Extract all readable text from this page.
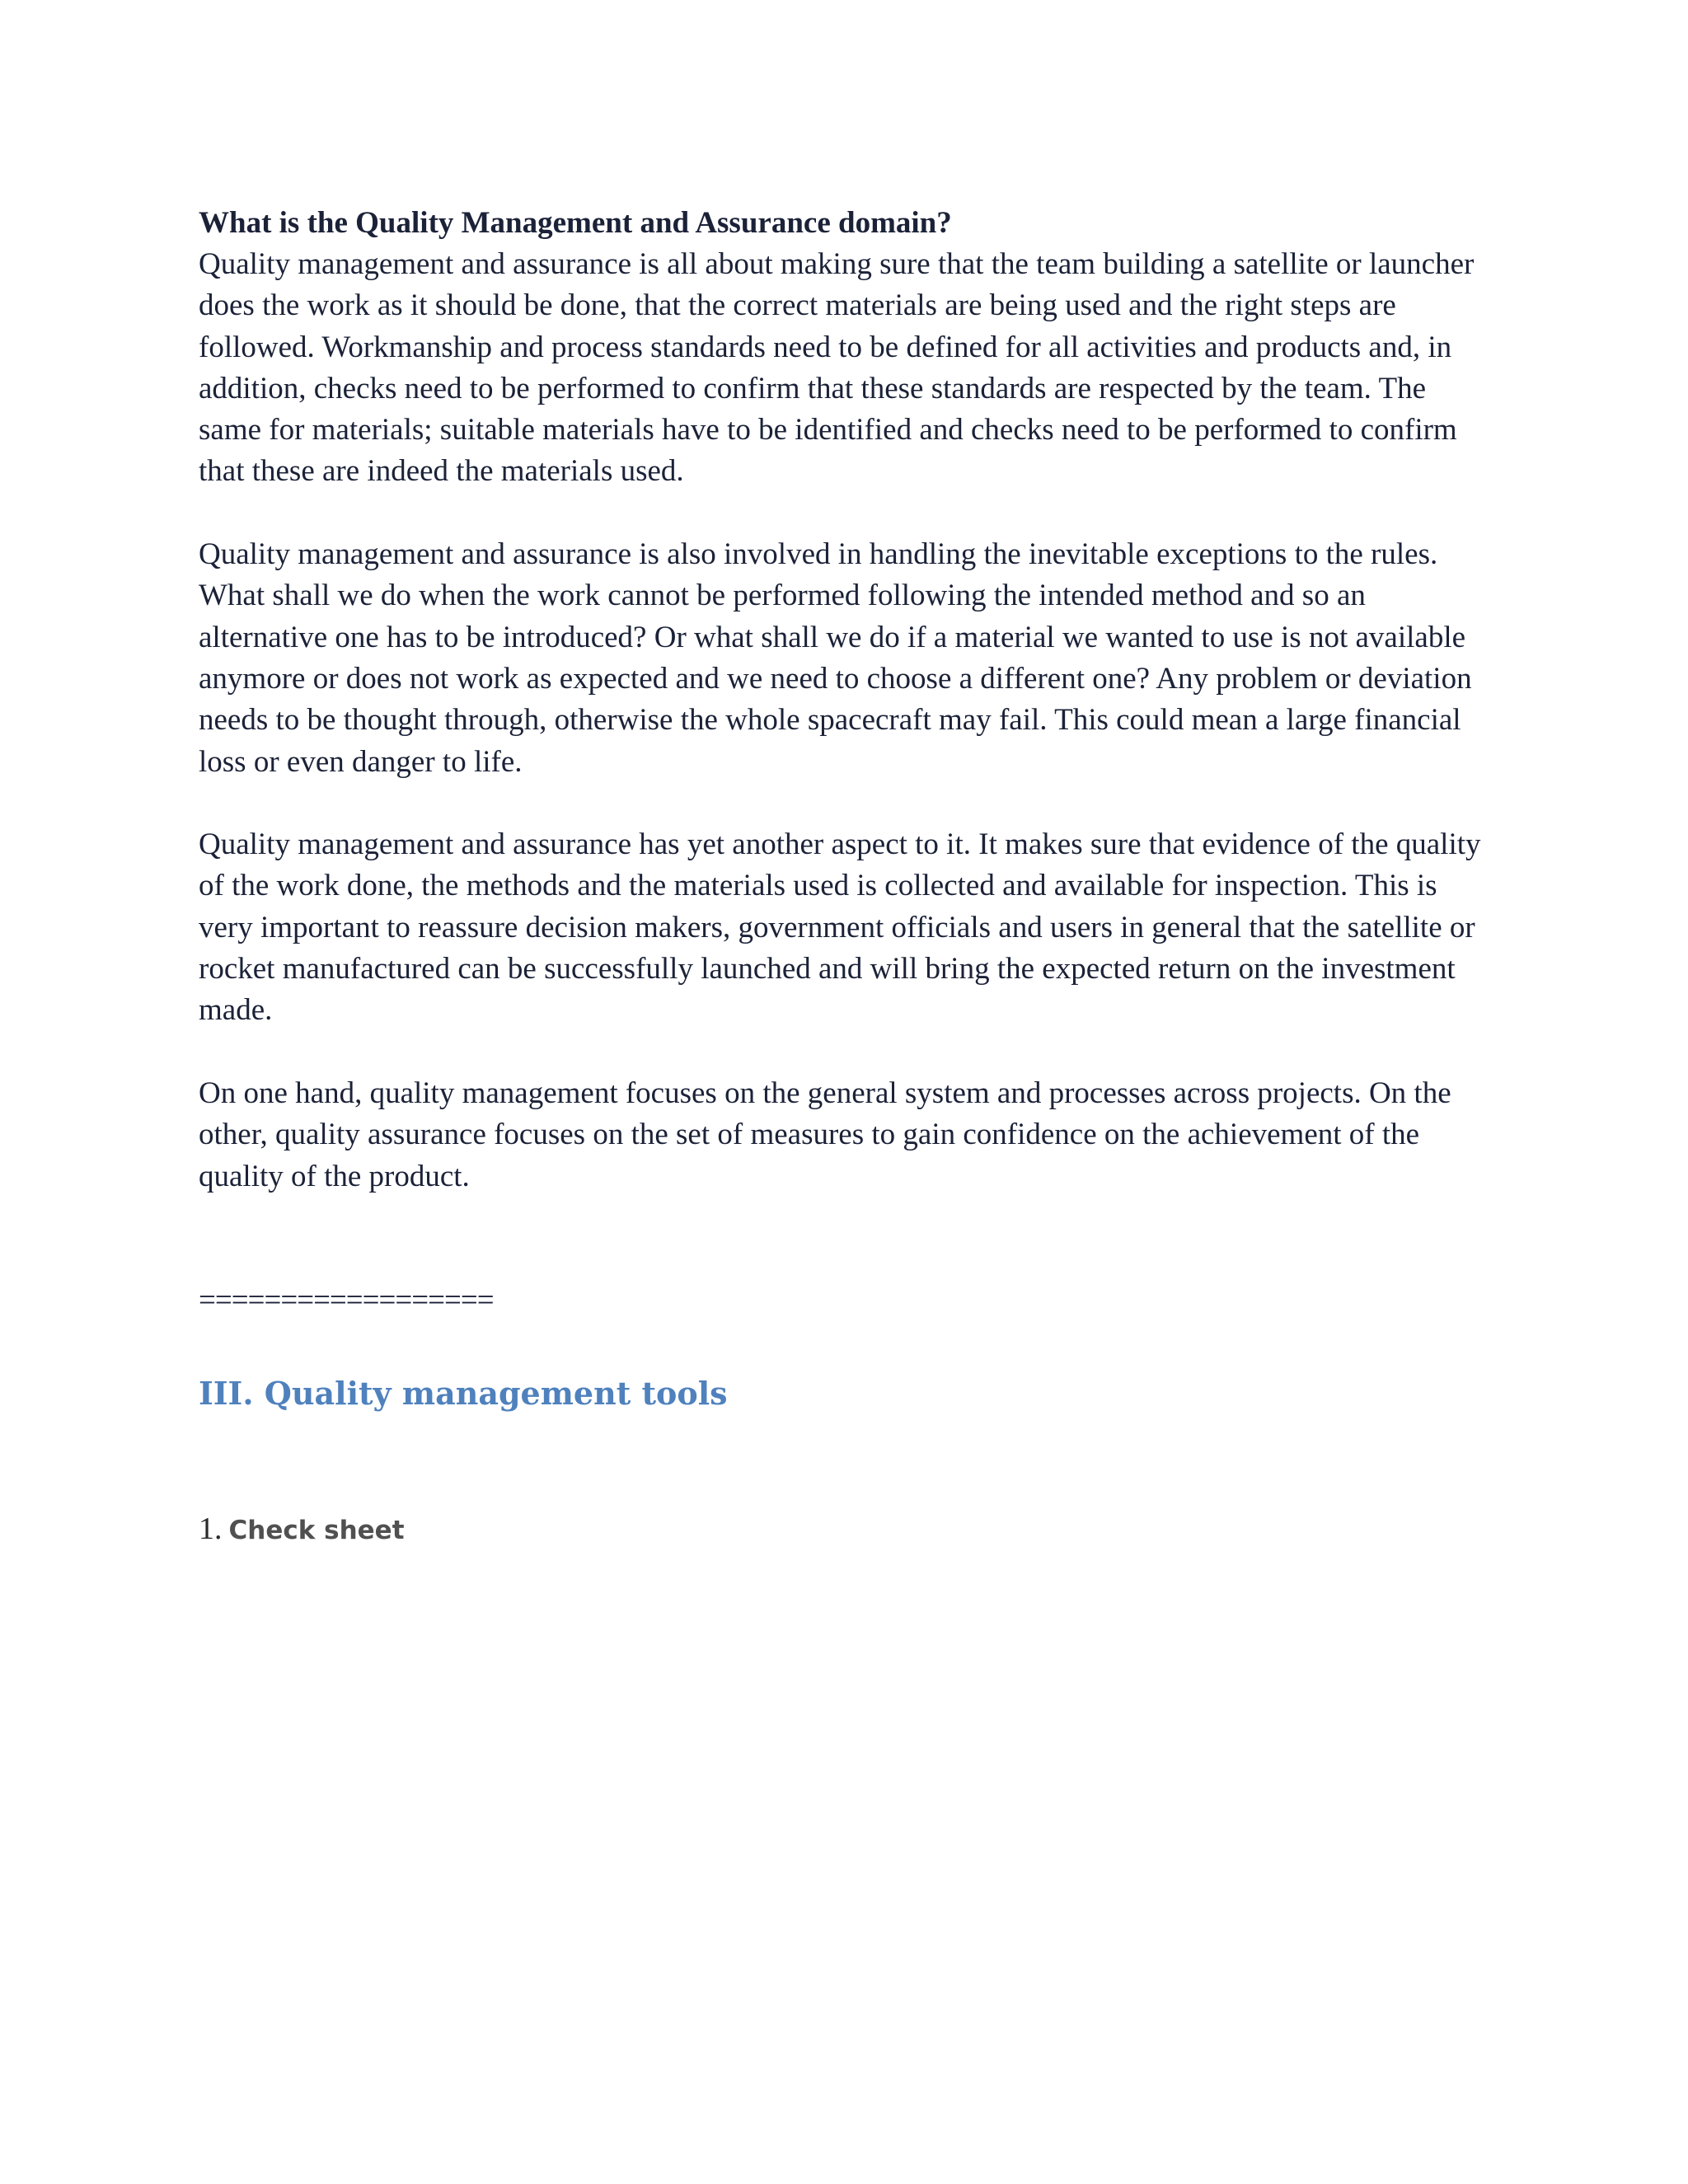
What is the Quality Management and Assurance domain?

Quality management and assurance is all about making sure that the team building a satellite or launcher does the work as it should be done, that the correct materials are being used and the right steps are followed. Workmanship and process standards need to be defined for all activities and products and, in addition, checks need to be performed to confirm that these standards are respected by the team. The same for materials; suitable materials have to be identified and checks need to be performed to confirm that these are indeed the materials used.

Quality management and assurance is also involved in handling the inevitable exceptions to the rules. What shall we do when the work cannot be performed following the intended method and so an alternative one has to be introduced? Or what shall we do if a material we wanted to use is not available anymore or does not work as expected and we need to choose a different one? Any problem or deviation needs to be thought through, otherwise the whole spacecraft may fail. This could mean a large financial loss or even danger to life.

Quality management and assurance has yet another aspect to it. It makes sure that evidence of the quality of the work done, the methods and the materials used is collected and available for inspection. This is very important to reassure decision makers, government officials and users in general that the satellite or rocket manufactured can be successfully launched and will bring the expected return on the investment made.

On one hand, quality management focuses on the general system and processes across projects. On the other, quality assurance focuses on the set of measures to gain confidence on the achievement of the quality of the product.

==================

III. Quality management tools

1. Check sheet
